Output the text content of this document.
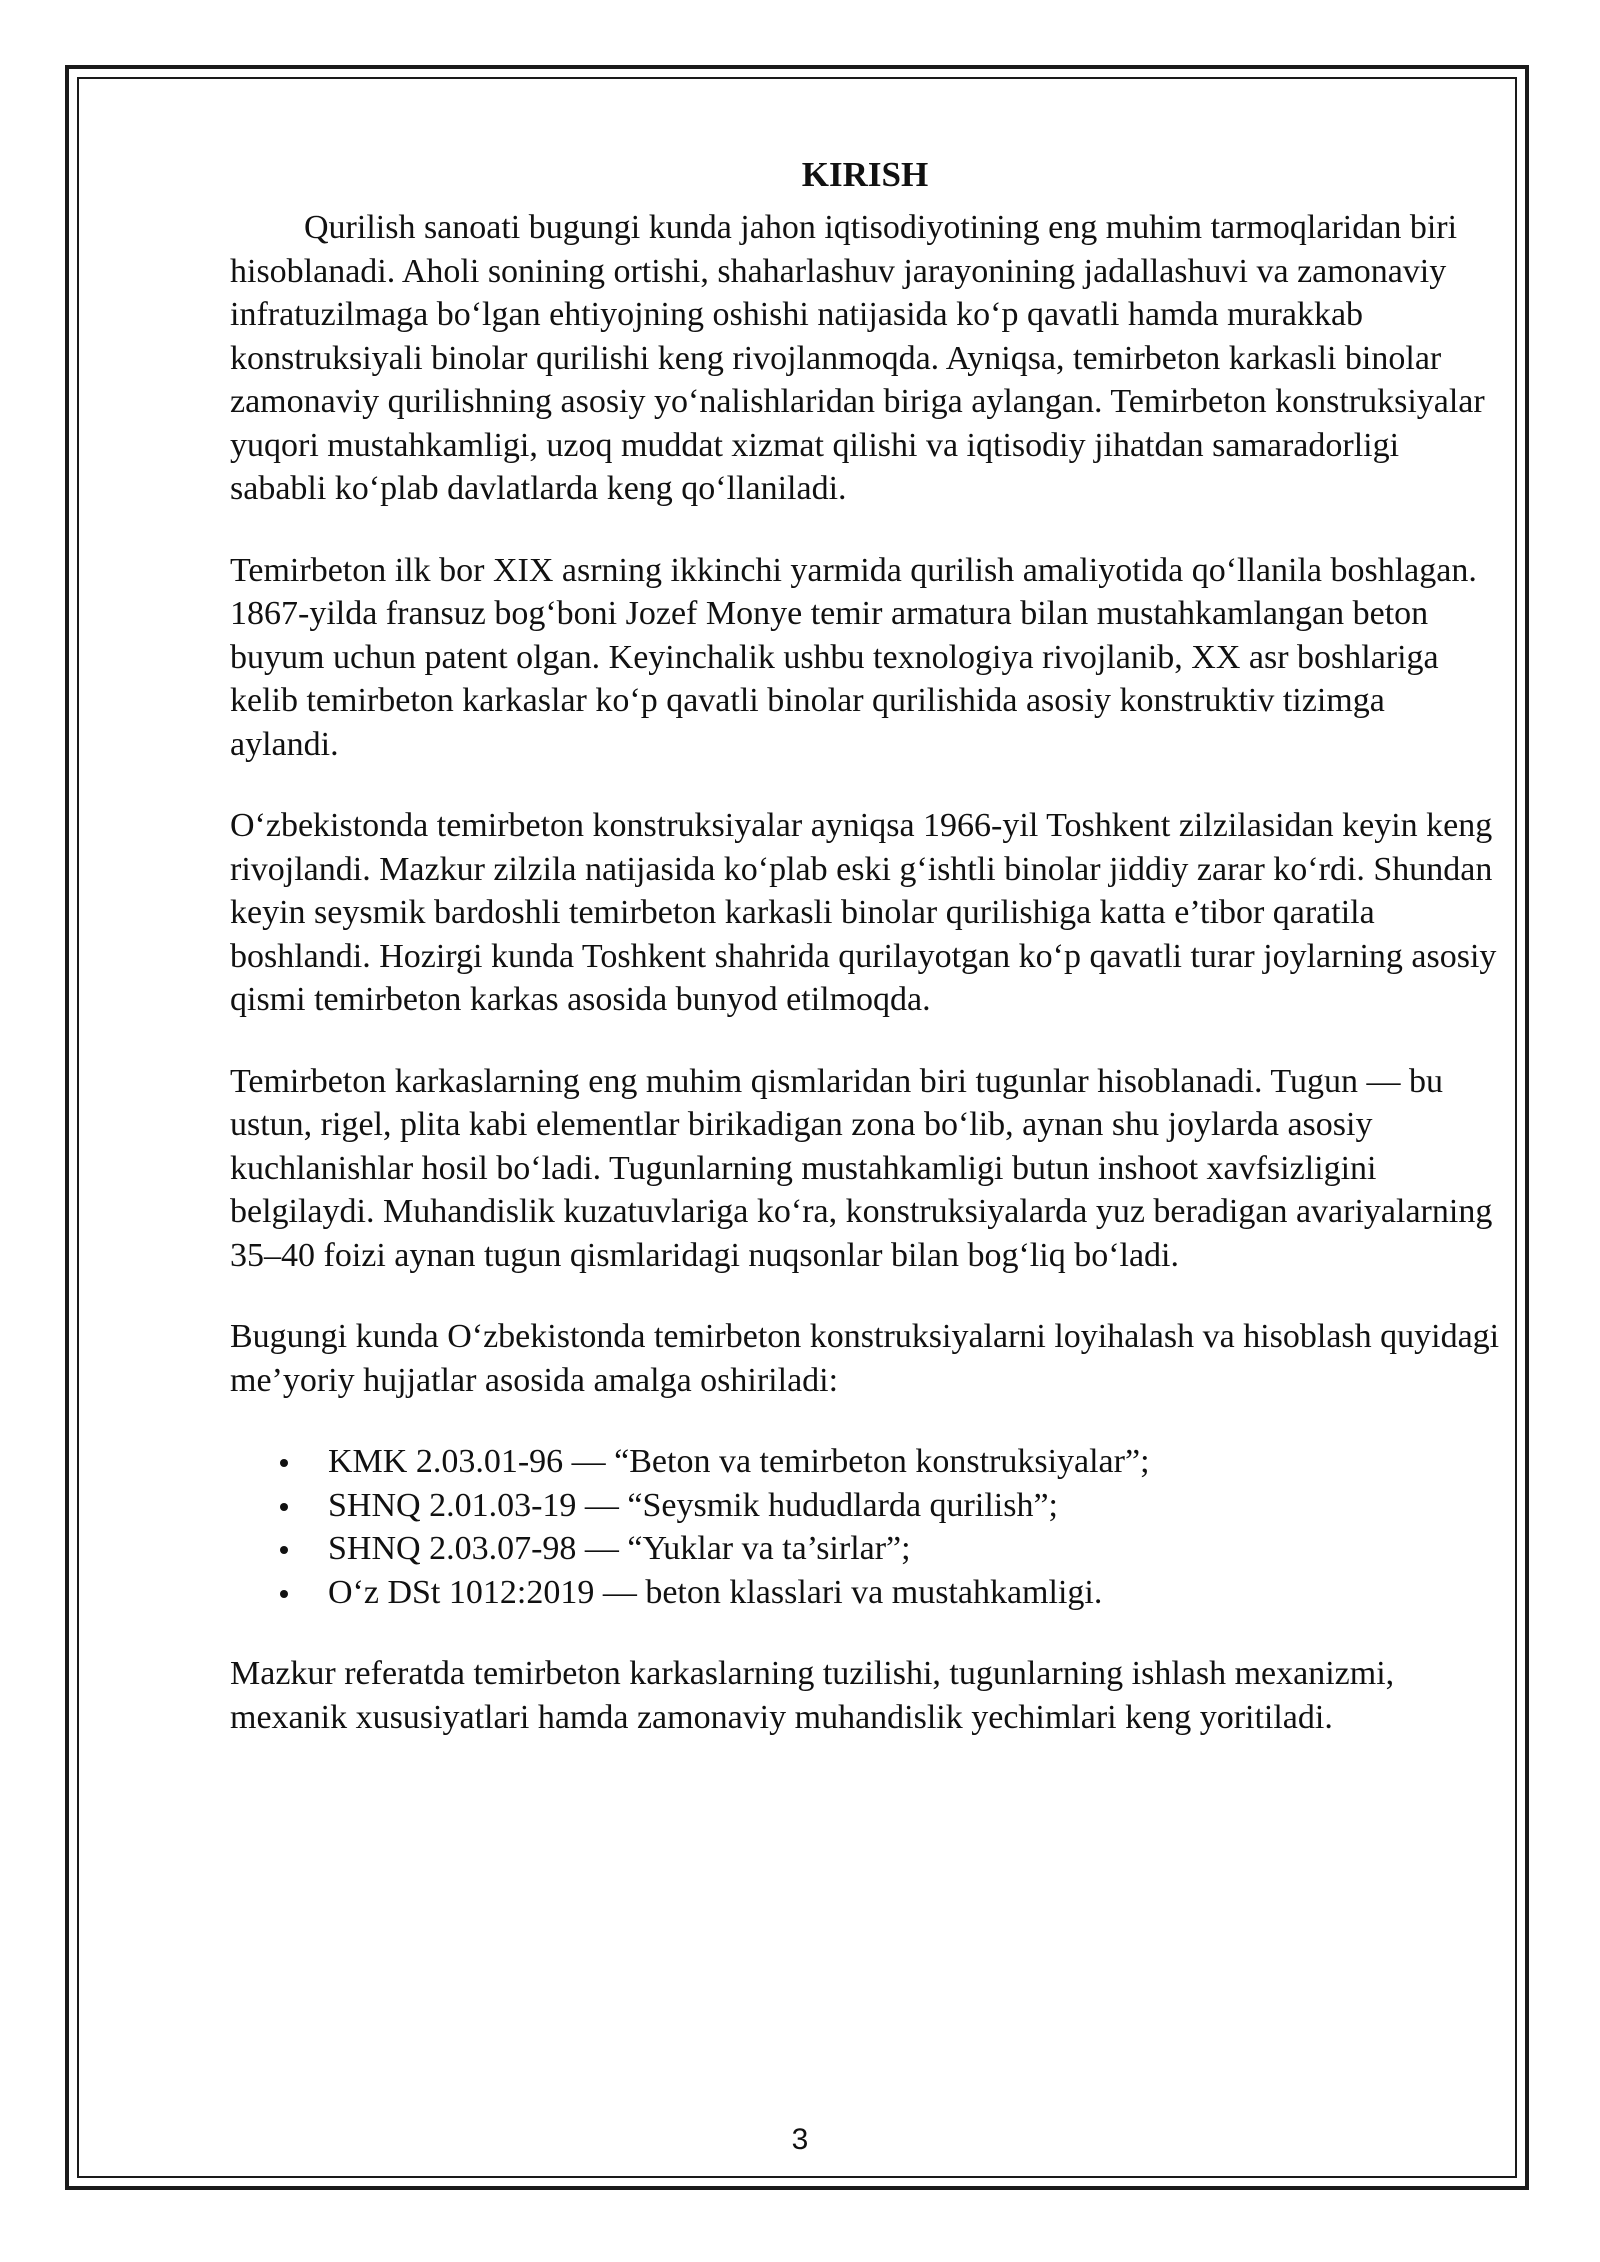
KIRISH

Qurilish sanoati bugungi kunda jahon iqtisodiyotining eng muhim tarmoqlaridan biri hisoblanadi. Aholi sonining ortishi, shaharlashuv jarayonining jadallashuvi va zamonaviy infratuzilmaga bo‘lgan ehtiyojning oshishi natijasida ko‘p qavatli hamda murakkab konstruksiyali binolar qurilishi keng rivojlanmoqda. Ayniqsa, temirbeton karkasli binolar zamonaviy qurilishning asosiy yo‘nalishlaridan biriga aylangan. Temirbeton konstruksiyalar yuqori mustahkamligi, uzoq muddat xizmat qilishi va iqtisodiy jihatdan samaradorligi sababli ko‘plab davlatlarda keng qo‘llaniladi.

Temirbeton ilk bor XIX asrning ikkinchi yarmida qurilish amaliyotida qo‘llanila boshlagan. 1867-yilda fransuz bog‘boni Jozef Monye temir armatura bilan mustahkamlangan beton buyum uchun patent olgan. Keyinchalik ushbu texnologiya rivojlanib, XX asr boshlariga kelib temirbeton karkaslar ko‘p qavatli binolar qurilishida asosiy konstruktiv tizimga aylandi.

O‘zbekistonda temirbeton konstruksiyalar ayniqsa 1966-yil Toshkent zilzilasidan keyin keng rivojlandi. Mazkur zilzila natijasida ko‘plab eski g‘ishtli binolar jiddiy zarar ko‘rdi. Shundan keyin seysmik bardoshli temirbeton karkasli binolar qurilishiga katta e’tibor qaratila boshlandi. Hozirgi kunda Toshkent shahrida qurilayotgan ko‘p qavatli turar joylarning asosiy qismi temirbeton karkas asosida bunyod etilmoqda.

Temirbeton karkaslarning eng muhim qismlaridan biri tugunlar hisoblanadi. Tugun — bu ustun, rigel, plita kabi elementlar birikadigan zona bo‘lib, aynan shu joylarda asosiy kuchlanishlar hosil bo‘ladi. Tugunlarning mustahkamligi butun inshoot xavfsizligini belgilaydi. Muhandislik kuzatuvlariga ko‘ra, konstruksiyalarda yuz beradigan avariyalarning 35–40 foizi aynan tugun qismlaridagi nuqsonlar bilan bog‘liq bo‘ladi.

Bugungi kunda O‘zbekistonda temirbeton konstruksiyalarni loyihalash va hisoblash quyidagi me’yoriy hujjatlar asosida amalga oshiriladi:

KMK 2.03.01-96 — “Beton va temirbeton konstruksiyalar”;
SHNQ 2.01.03-19 — “Seysmik hududlarda qurilish”;
SHNQ 2.03.07-98 — “Yuklar va ta’sirlar”;
O‘z DSt 1012:2019 — beton klasslari va mustahkamligi.

Mazkur referatda temirbeton karkaslarning tuzilishi, tugunlarning ishlash mexanizmi, mexanik xususiyatlari hamda zamonaviy muhandislik yechimlari keng yoritiladi.

3
